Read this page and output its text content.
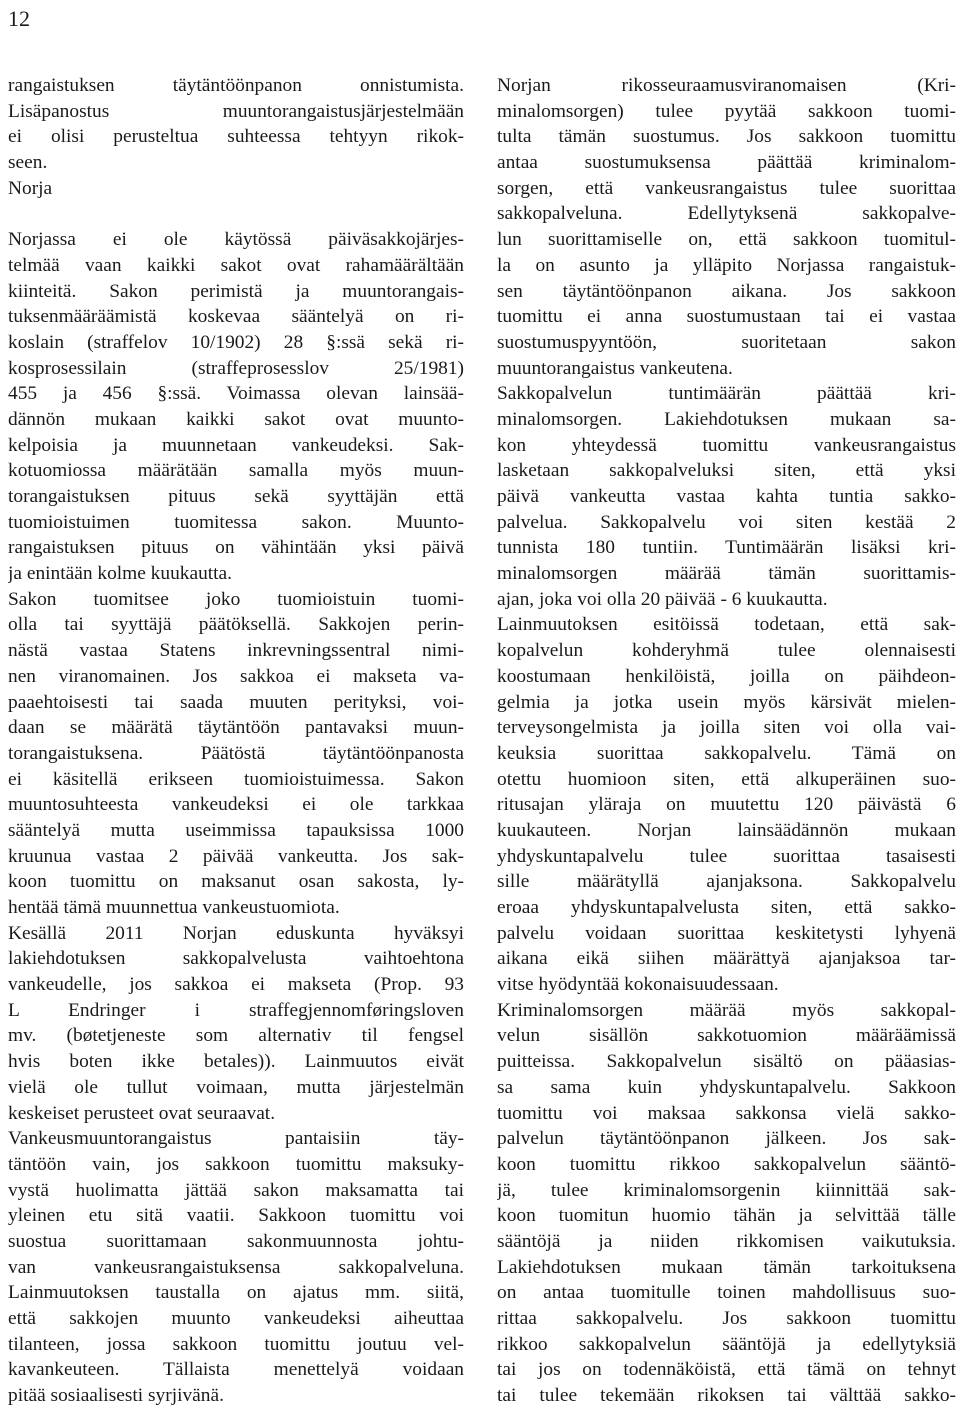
12
rangaistuksen täytäntöönpanon onnistumista.
Lisäpanostus muuntorangaistusjärjestelmään
ei olisi perusteltua suhteessa tehtyyn rikok-
seen.
Norja
Norjassa ei ole käytössä päiväsakkojärjes-
telmää vaan kaikki sakot ovat rahamäärältään
kiinteitä. Sakon perimistä ja muuntorangais-
tuksenmääräämistä koskevaa sääntelyä on ri-
koslain (straffelov 10/1902) 28 §:ssä sekä ri-
kosprosessilain (straffeprosesslov 25/1981)
455 ja 456 §:ssä. Voimassa olevan lainsää-
dännön mukaan kaikki sakot ovat muunto-
kelpoisia ja muunnetaan vankeudeksi. Sak-
kotuomiossa määrätään samalla myös muun-
torangaistuksen pituus sekä syyttäjän että
tuomioistuimen tuomitessa sakon. Muunto-
rangaistuksen pituus on vähintään yksi päivä
ja enintään kolme kuukautta.
Sakon tuomitsee joko tuomioistuin tuomi-
olla tai syyttäjä päätöksellä. Sakkojen perin-
nästä vastaa Statens inkrevningssentral nimi-
nen viranomainen. Jos sakkoa ei makseta va-
paaehtoisesti tai saada muuten perityksi, voi-
daan se määrätä täytäntöön pantavaksi muun-
torangaistuksena. Päätöstä täytäntöönpanosta
ei käsitellä erikseen tuomioistuimessa. Sakon
muuntosuhteesta vankeudeksi ei ole tarkkaa
sääntelyä mutta useimmissa tapauksissa 1000
kruunua vastaa 2 päivää vankeutta. Jos sak-
koon tuomittu on maksanut osan sakosta, ly-
hentää tämä muunnettua vankeustuomiota.
Kesällä 2011 Norjan eduskunta hyväksyi
lakiehdotuksen sakkopalvelusta vaihtoehtona
vankeudelle, jos sakkoa ei makseta (Prop. 93
L Endringer i straffegjennomføringsloven
mv. (bøtetjeneste som alternativ til fengsel
hvis boten ikke betales)). Lainmuutos eivät
vielä ole tullut voimaan, mutta järjestelmän
keskeiset perusteet ovat seuraavat.
Vankeusmuuntorangaistus pantaisiin täy-
täntöön vain, jos sakkoon tuomittu maksuky-
vystä huolimatta jättää sakon maksamatta tai
yleinen etu sitä vaatii. Sakkoon tuomittu voi
suostua suorittamaan sakonmuunnosta johtu-
van vankeusrangaistuksensa sakkopalveluna.
Lainmuutoksen taustalla on ajatus mm. siitä,
että sakkojen muunto vankeudeksi aiheuttaa
tilanteen, jossa sakkoon tuomittu joutuu vel-
kavankeuteen. Tällaista menettelyä voidaan
pitää sosiaalisesti syrjivänä.
Norjan rikosseuraamusviranomaisen (Kri-
minalomsorgen) tulee pyytää sakkoon tuomi-
tulta tämän suostumus. Jos sakkoon tuomittu
antaa suostumuksensa päättää kriminalom-
sorgen, että vankeusrangaistus tulee suorittaa
sakkopalveluna. Edellytyksenä sakkopalve-
lun suorittamiselle on, että sakkoon tuomitul-
la on asunto ja ylläpito Norjassa rangaistuk-
sen täytäntöönpanon aikana. Jos sakkoon
tuomittu ei anna suostumustaan tai ei vastaa
suostumuspyyntöön, suoritetaan sakon
muuntorangaistus vankeutena.
Sakkopalvelun tuntimäärän päättää kri-
minalomsorgen. Lakiehdotuksen mukaan sa-
kon yhteydessä tuomittu vankeusrangaistus
lasketaan sakkopalveluksi siten, että yksi
päivä vankeutta vastaa kahta tuntia sakko-
palvelua. Sakkopalvelu voi siten kestää 2
tunnista 180 tuntiin. Tuntimäärän lisäksi kri-
minalomsorgen määrää tämän suorittamis-
ajan, joka voi olla 20 päivää - 6 kuukautta.
Lainmuutoksen esitöissä todetaan, että sak-
kopalvelun kohderyhmä tulee olennaisesti
koostumaan henkilöistä, joilla on päihdeon-
gelmia ja jotka usein myös kärsivät mielen-
terveysongelmista ja joilla siten voi olla vai-
keuksia suorittaa sakkopalvelu. Tämä on
otettu huomioon siten, että alkuperäinen suo-
ritusajan yläraja on muutettu 120 päivästä 6
kuukauteen. Norjan lainsäädännön mukaan
yhdyskuntapalvelu tulee suorittaa tasaisesti
sille määrätyllä ajanjaksona. Sakkopalvelu
eroaa yhdyskuntapalvelusta siten, että sakko-
palvelu voidaan suorittaa keskitetysti lyhyenä
aikana eikä siihen määrättyä ajanjaksoa tar-
vitse hyödyntää kokonaisuudessaan.
Kriminalomsorgen määrää myös sakkopal-
velun sisällön sakkotuomion määräämissä
puitteissa. Sakkopalvelun sisältö on pääasias-
sa sama kuin yhdyskuntapalvelu. Sakkoon
tuomittu voi maksaa sakkonsa vielä sakko-
palvelun täytäntöönpanon jälkeen. Jos sak-
koon tuomittu rikkoo sakkopalvelun sääntö-
jä, tulee kriminalomsorgenin kiinnittää sak-
koon tuomitun huomio tähän ja selvittää tälle
sääntöjä ja niiden rikkomisen vaikutuksia.
Lakiehdotuksen mukaan tämän tarkoituksena
on antaa tuomitulle toinen mahdollisuus suo-
rittaa sakkopalvelu. Jos sakkoon tuomittu
rikkoo sakkopalvelun sääntöjä ja edellytyksiä
tai jos on todennäköistä, että tämä on tehnyt
tai tulee tekemään rikoksen tai välttää sakko-
